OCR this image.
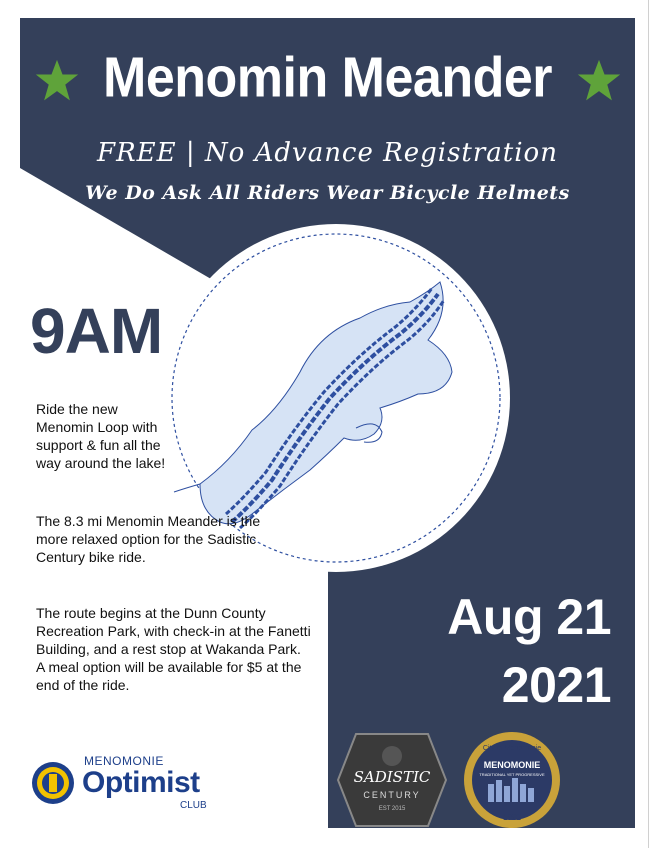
Menomin Meander
FREE | No Advance Registration
We Do Ask All Riders Wear Bicycle Helmets
9AM

Ride the new Menomin Loop with support & fun all the way around the lake!

The 8.3 mi Menomin Meander is the more relaxed option for the Sadistic Century bike ride.

The route begins at the Dunn County Recreation Park, with check-in at the Fanetti Building, and a rest stop at Wakanda Park. A meal option will be available for $5 at the end of the ride.

Aug 21
2021
MENOMONIE
Optimist
CLUB
SADISTIC
CENTURY
EST 2015
City of Menomonie
MENOMONIE
TRADITIONAL YET PROGRESSIVE
1882
